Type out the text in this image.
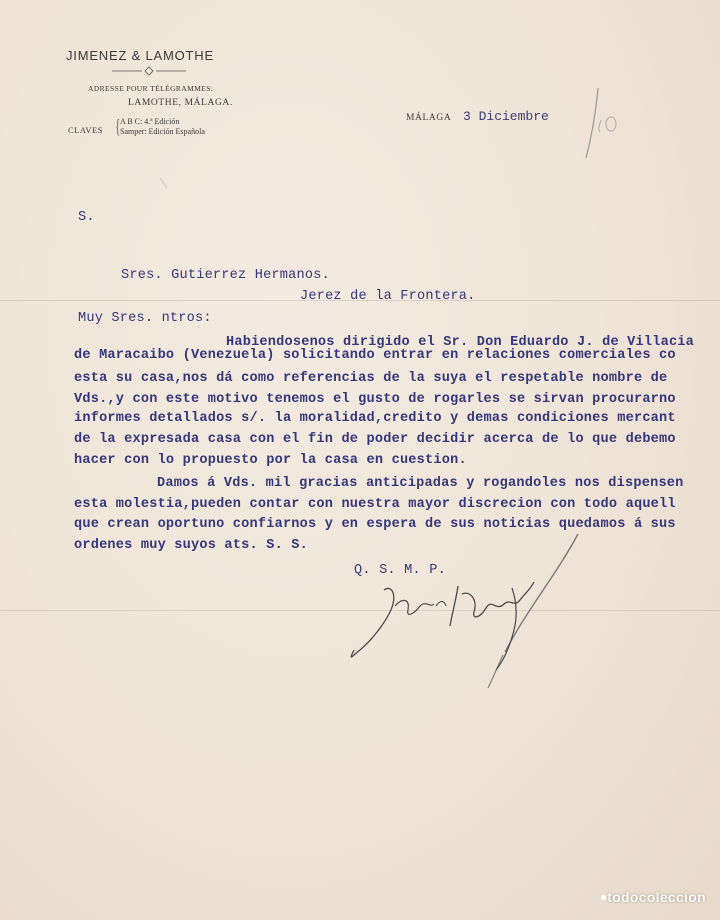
JIMENEZ & LAMOTHE
ADRESSE POUR TÉLÉGRAMMES:
LAMOTHE, MÁLAGA.
CLAVES { A B C: 4.ª Edición
Samper: Edición Española
MÁLAGA 3 Diciembre
S.
Sres. Gutierrez Hermanos.
Jerez de la Frontera.
Muy Sres. ntros:
Habiendosenos dirigido el Sr. Don Eduardo J. de Villacia
de Maracaibo (Venezuela) solicitando entrar en relaciones comerciales co
esta su casa,nos dá como referencias de la suya el respetable nombre de
Vds.,y con este motivo tenemos el gusto de rogarles se sirvan procurarno
informes detallados s/. la moralidad,credito y demas condiciones mercant
de la expresada casa con el fin de poder decidir acerca de lo que debemo
hacer con lo propuesto por la casa en cuestion.
Damos á Vds. mil gracias anticipadas y rogandoles nos dispensen
esta molestia,pueden contar con nuestra mayor discrecion con todo aquell
que crean oportuno confiarnos y en espera de sus noticias quedamos á sus
ordenes muy suyos ats. S. S.
Q. S. M. P.
todocoleccion
